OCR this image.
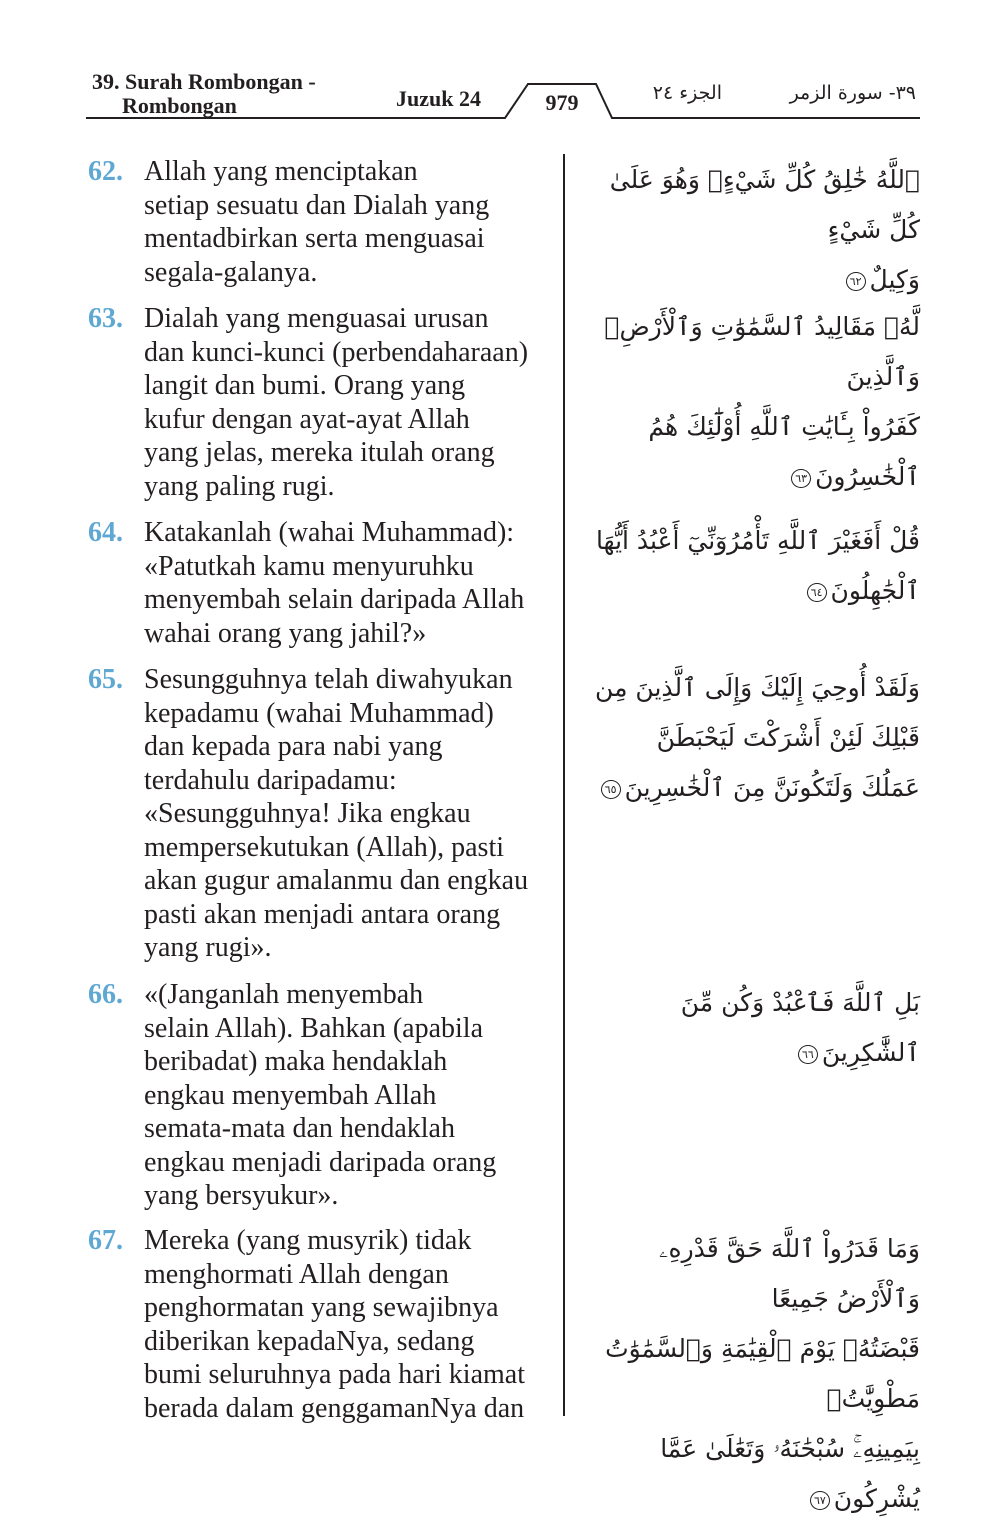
39. Surah Rombongan -
Rombongan	Juzuk 24	979	الجزء ٢٤	٣٩- سورة الزمر
62. Allah yang menciptakan
setiap sesuatu dan Dialah yang
mentadbirkan serta menguasai
segala-galanya.
ٱللَّهُ خَٰلِقُ كُلِّ شَيْءٍۖ وَهُوَ عَلَىٰ كُلِّ شَيْءٍ
وَكِيلٌ٦٢
63. Dialah yang menguasai urusan
dan kunci-kunci (perbendaharaan)
langit dan bumi. Orang yang
kufur dengan ayat-ayat Allah
yang jelas, mereka itulah orang
yang paling rugi.
لَّهُۥ مَقَالِيدُ ٱلسَّمَٰوَٰتِ وَٱلْأَرْضِۗ وَٱلَّذِينَ
كَفَرُواْ بِـَٔايَٰتِ ٱللَّهِ أُوْلَٰٓئِكَ هُمُ
ٱلْخَٰسِرُونَ٦٣
64. Katakanlah (wahai Muhammad):
«Patutkah kamu menyuruhku
menyembah selain daripada Allah
wahai orang yang jahil?»
قُلْ أَفَغَيْرَ ٱللَّهِ تَأْمُرُوٓنِّيٓ أَعْبُدُ أَيُّهَا
ٱلْجَٰهِلُونَ٦٤
65. Sesungguhnya telah diwahyukan
kepadamu (wahai Muhammad)
dan kepada para nabi yang
terdahulu daripadamu:
«Sesungguhnya! Jika engkau
mempersekutukan (Allah), pasti
akan gugur amalanmu dan engkau
pasti akan menjadi antara orang
yang rugi».
وَلَقَدْ أُوحِيَ إِلَيْكَ وَإِلَى ٱلَّذِينَ مِن
قَبْلِكَ لَئِنْ أَشْرَكْتَ لَيَحْبَطَنَّ
عَمَلُكَ وَلَتَكُونَنَّ مِنَ ٱلْخَٰسِرِينَ٦٥
66. «(Janganlah menyembah
selain Allah). Bahkan (apabila
beribadat) maka hendaklah
engkau menyembah Allah
semata-mata dan hendaklah
engkau menjadi daripada orang
yang bersyukur».
بَلِ ٱللَّهَ فَٱعْبُدْ وَكُن مِّنَ ٱلشَّٰكِرِينَ٦٦
67. Mereka (yang musyrik) tidak
menghormati Allah dengan
penghormatan yang sewajibnya
diberikan kepadaNya, sedang
bumi seluruhnya pada hari kiamat
berada dalam genggamanNya dan
وَمَا قَدَرُواْ ٱللَّهَ حَقَّ قَدْرِهِۦ وَٱلْأَرْضُ جَمِيعًا
قَبْضَتُهُۥ يَوْمَ ٱلْقِيَٰمَةِ وَٱلسَّمَٰوَٰتُ مَطْوِيَّٰتُۢ
بِيَمِينِهِۦۚ سُبْحَٰنَهُۥ وَتَعَٰلَىٰ عَمَّا يُشْرِكُونَ٦٧
